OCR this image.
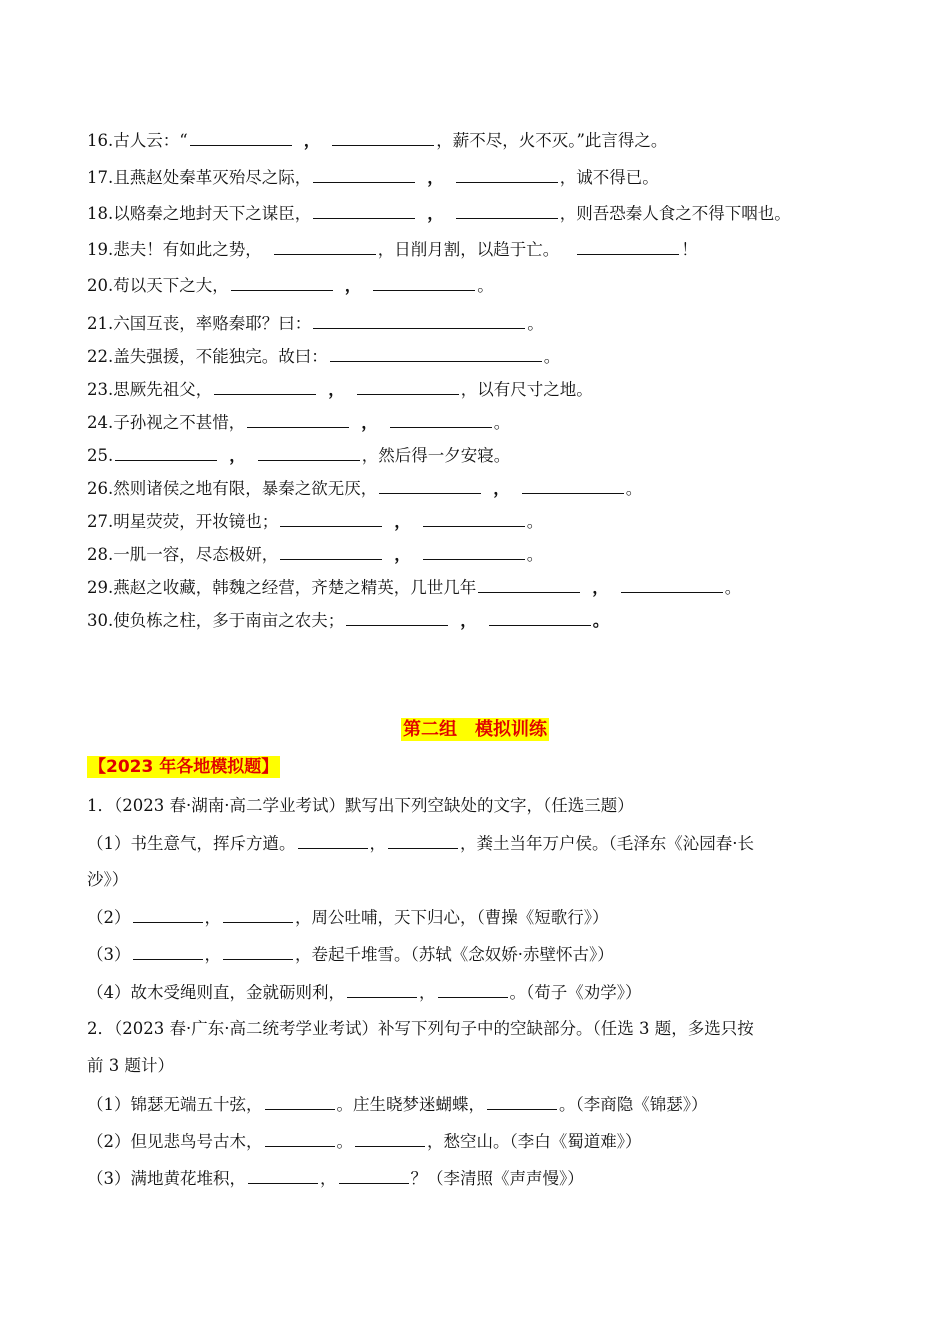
16.古人云：“	，	，薪不尽，火不灭。”此言得之。
17.且燕赵处秦革灭殆尽之际，	，	，诚不得已。
18.以赂秦之地封天下之谋臣，	，	，则吾恐秦人食之不得下咽也。
19.悲夫！有如此之势，	，日削月割，以趋于亡。	！
20.苟以天下之大，	，	。
21.六国互丧，率赂秦耶？曰：	。
22.盖失强援，不能独完。故曰：	。
23.思厥先祖父，	，	，以有尺寸之地。
24.子孙视之不甚惜，	，	。
25.	，	，然后得一夕安寝。
26.然则诸侯之地有限，暴秦之欲无厌，	，	。
27.明星荧荧，开妆镜也；	，	。
28.一肌一容，尽态极妍，	，	。
29.燕赵之收藏，韩魏之经营，齐楚之精英，几世几年	，	。
30.使负栋之柱，多于南亩之农夫；	，	。
第二组　模拟训练
【2023 年各地模拟题】
1．（2023 春·湖南·高二学业考试）默写出下列空缺处的文字，（任选三题）
（1）书生意气，挥斥方遒。	，	，粪土当年万户侯。（毛泽东《沁园春·长
沙》）
（2）	，	，周公吐哺，天下归心，（曹操《短歌行》）
（3）	，	，卷起千堆雪。（苏轼《念奴娇·赤壁怀古》）
（4）故木受绳则直，金就砺则利，	，	。（荀子《劝学》）
2．（2023 春·广东·高二统考学业考试）补写下列句子中的空缺部分。（任选 3 题，多选只按
前 3 题计）
（1）锦瑟无端五十弦，	。庄生晓梦迷蝴蝶，	。（李商隐《锦瑟》）
（2）但见悲鸟号古木，	。	，愁空山。（李白《蜀道难》）
（3）满地黄花堆积，	，	？（李清照《声声慢》）
